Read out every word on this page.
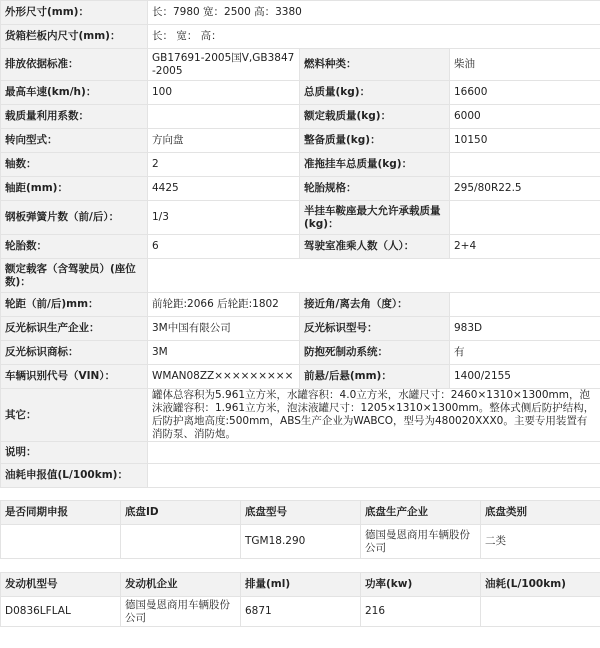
外形尺寸(mm)：	长：7980 宽：2500 高：3380		
货箱栏板内尺寸(mm)：	长： 宽： 高：		
排放依据标准：	GB17691-2005国Ⅴ,GB3847-2005	燃料种类：	柴油
最高车速(km/h)：	100	总质量(kg)：	16600
载质量利用系数：		额定载质量(kg)：	6000
转向型式：	方向盘	整备质量(kg)：	10150
轴数：	2	准拖挂车总质量(kg)：	
轴距(mm)：	4425	轮胎规格：	295/80R22.5
钢板弹簧片数（前/后）：	1/3	半挂车鞍座最大允许承载质量(kg)：	
轮胎数：	6	驾驶室准乘人数（人）：	2+4
额定载客（含驾驶员）(座位数)：			
轮距（前/后)mm：	前轮距:2066 后轮距:1802	接近角/离去角（度）：	
反光标识生产企业：	3M中国有限公司	反光标识型号：	983D
反光标识商标：	3M	防抱死制动系统：	有
车辆识别代号（VIN）：	WMAN08ZZ×××××××××	前悬/后悬(mm)：	1400/2155
其它：	罐体总容积为5.961立方米，水罐容积：4.0立方米，水罐尺寸：2460×1310×1300mm，泡沫液罐容积：1.961立方米，泡沫液罐尺寸：1205×1310×1300mm。整体式侧后防护结构，后防护离地高度:500mm，ABS生产企业为WABCO，型号为480020XXX0。主要专用装置有消防泵、消防炮。		
说明：			
油耗申报值(L/100km)：			
是否同期申报	底盘ID	底盘型号	底盘生产企业	底盘类别
		TGM18.290	德国曼恩商用车辆股份公司	二类
发动机型号	发动机企业	排量(ml)	功率(kw)	油耗(L/100km)
D0836LFLAL	德国曼恩商用车辆股份公司	6871	216	
